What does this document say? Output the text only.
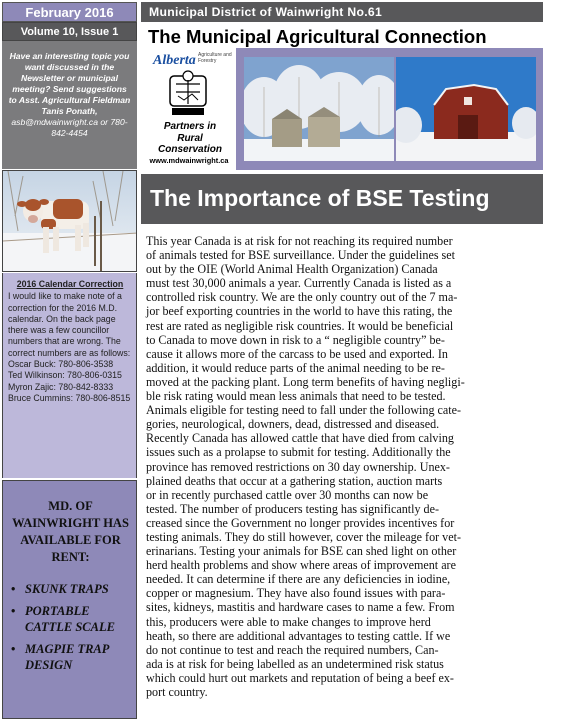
February 2016
Volume 10, Issue 1
Have an interesting topic you want discussed in the Newsletter or municipal meeting? Send suggestions to Asst. Agricultural Fieldman Tanis Ponath,
asb@mdwainwright.ca or 780-842-4454
2016 Calendar Correction
I would like to make note of a correction for the 2016 M.D. calendar. On the back page there was a few councillor numbers that are wrong. The correct numbers are as follows:
Oscar Buck: 780-806-3538
Ted Wilkinson: 780-806-0315
Myron Zajic: 780-842-8333
Bruce Cummins: 780-806-8515
MD. OF WAINWRIGHT HAS AVAILABLE FOR RENT:
• SKUNK TRAPS
• PORTABLE CATTLE SCALE
• MAGPIE TRAP DESIGN
Municipal District of Wainwright No.61
The Municipal Agricultural Connection
Alberta Agriculture and Forestry
Partners in Rural Conservation
www.mdwainwright.ca
The Importance of BSE Testing

This year Canada is at risk for not reaching its required number
of animals tested for BSE surveillance. Under the guidelines set
out by the OIE (World Animal Health Organization) Canada
must test 30,000 animals a year. Currently Canada is listed as a
controlled risk country. We are the only country out of the 7 ma-
jor beef exporting countries in the world to have this rating, the
rest are rated as negligible risk countries. It would be beneficial
to Canada to move down in risk to a “ negligible country” be-
cause it allows more of the carcass to be used and exported. In
addition, it would reduce parts of the animal needing to be re-
moved at the packing plant. Long term benefits of having negligi-
ble risk rating would mean less animals that need to be tested.
Animals eligible for testing need to fall under the following cate-
gories, neurological, downers, dead, distressed and diseased.
Recently Canada has allowed cattle that have died from calving
issues such as a prolapse to submit for testing. Additionally the
province has removed restrictions on 30 day ownership. Unex-
plained deaths that occur at a gathering station, auction marts
or in recently purchased cattle over 30 months can now be
tested. The number of producers testing has significantly de-
creased since the Government no longer provides incentives for
testing animals. They do still however, cover the mileage for vet-
erinarians. Testing your animals for BSE can shed light on other
herd health problems and show where areas of improvement are
needed. It can determine if there are any deficiencies in iodine,
copper or magnesium. They have also found issues with para-
sites, kidneys, mastitis and hardware cases to name a few. From
this, producers were able to make changes to improve herd
heath, so there are additional advantages to testing cattle. If we
do not continue to test and reach the required numbers, Can-
ada is at risk for being labelled as an undetermined risk status
which could hurt out markets and reputation of being a beef ex-
port country.
